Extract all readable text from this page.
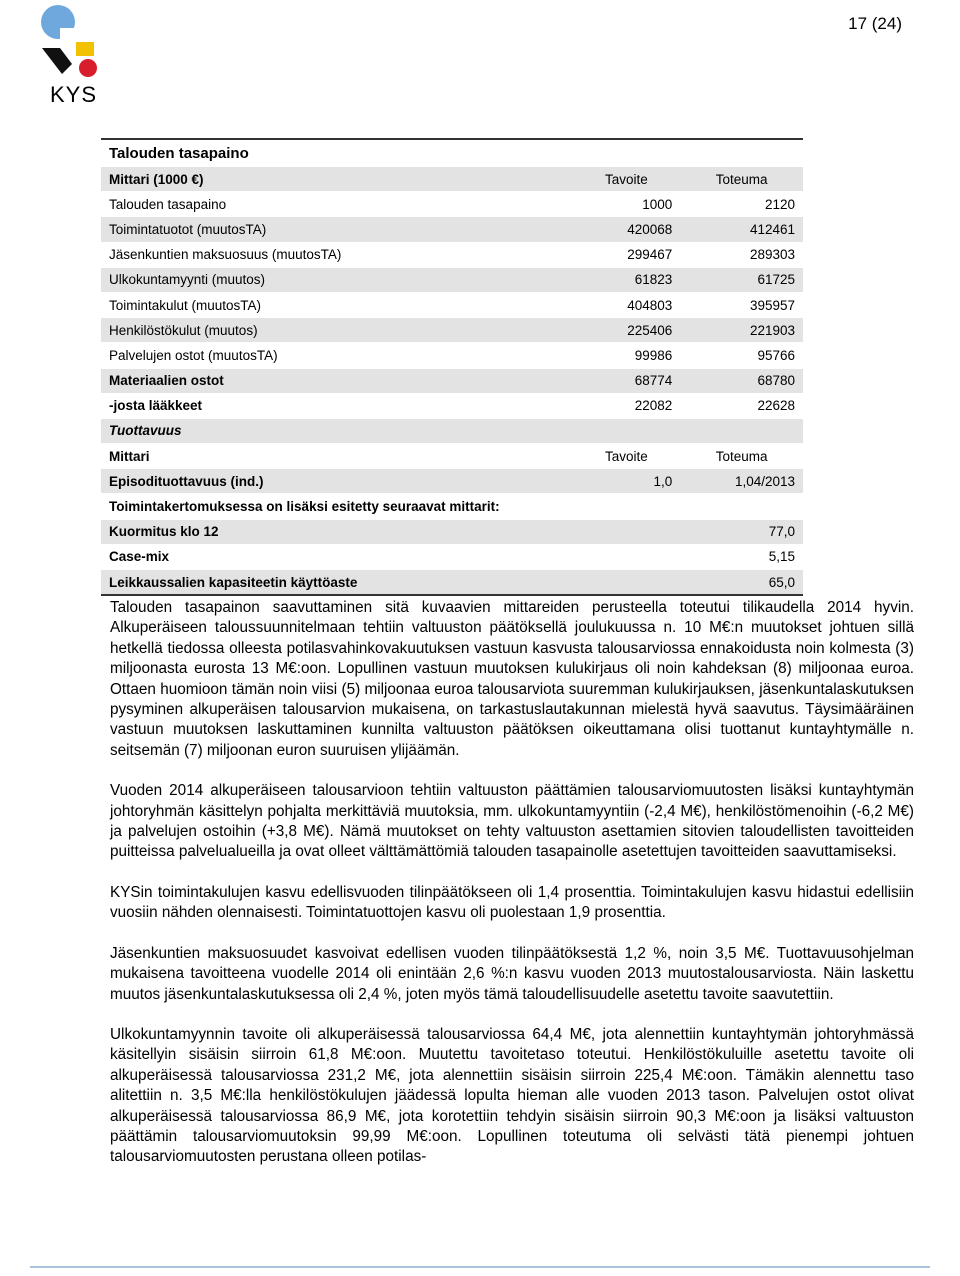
KYS
17 (24)
Talouden tasapaino		
Mittari (1000 €)	Tavoite	Toteuma
Talouden tasapaino	1000	2120
Toimintatuotot (muutosTA)	420068	412461
Jäsenkuntien maksuosuus (muutosTA)	299467	289303
Ulkokuntamyynti (muutos)	61823	61725
Toimintakulut (muutosTA)	404803	395957
Henkilöstökulut (muutos)	225406	221903
Palvelujen ostot (muutosTA)	99986	95766
Materiaalien ostot	68774	68780
-josta lääkkeet	22082	22628
Tuottavuus		
Mittari	Tavoite	Toteuma
Episodituottavuus (ind.)	1,0	1,04/2013
Toimintakertomuksessa on lisäksi esitetty seuraavat mittarit:		
Kuormitus klo 12		77,0
Case-mix		5,15
Leikkaussalien kapasiteetin käyttöaste		65,0

Talouden tasapainon saavuttaminen sitä kuvaavien mittareiden perusteella toteutui tilikaudella 2014 hyvin. Alkuperäiseen taloussuunnitelmaan tehtiin valtuuston päätöksellä joulukuussa n. 10 M€:n muutokset johtuen sillä hetkellä tiedossa olleesta potilasvahinkovakuutuksen vastuun kasvusta talousarviossa ennakoidusta noin kolmesta (3) miljoonasta eurosta 13 M€:oon. Lopullinen vastuun muutoksen kulukirjaus oli noin kahdeksan (8) miljoonaa euroa. Ottaen huomioon tämän noin viisi (5) miljoonaa euroa talousarviota suuremman kulukirjauksen, jäsenkuntalaskutuksen pysyminen alkuperäisen talousarvion mukaisena, on tarkastuslautakunnan mielestä hyvä saavutus. Täysimääräinen vastuun muutoksen laskuttaminen kunnilta valtuuston päätöksen oikeuttamana olisi tuottanut kuntayhtymälle n. seitsemän (7) miljoonan euron suuruisen ylijäämän.

Vuoden 2014 alkuperäiseen talousarvioon tehtiin valtuuston päättämien talousarviomuutosten lisäksi kuntayhtymän johtoryhmän käsittelyn pohjalta merkittäviä muutoksia, mm. ulkokuntamyyntiin (-2,4 M€), henkilöstömenoihin (-6,2 M€) ja palvelujen ostoihin (+3,8 M€). Nämä muutokset on tehty valtuuston asettamien sitovien taloudellisten tavoitteiden puitteissa palvelualueilla ja ovat olleet välttämättömiä talouden tasapainolle asetettujen tavoitteiden saavuttamiseksi.

KYSin toimintakulujen kasvu edellisvuoden tilinpäätökseen oli 1,4 prosenttia. Toimintakulujen kasvu hidastui edellisiin vuosiin nähden olennaisesti. Toimintatuottojen kasvu oli puolestaan 1,9 prosenttia.

Jäsenkuntien maksuosuudet kasvoivat edellisen vuoden tilinpäätöksestä 1,2 %, noin 3,5 M€. Tuottavuusohjelman mukaisena tavoitteena vuodelle 2014 oli enintään 2,6 %:n kasvu vuoden 2013 muutostalousarviosta. Näin laskettu muutos jäsenkuntalaskutuksessa oli 2,4 %, joten myös tämä taloudellisuudelle asetettu tavoite saavutettiin.

Ulkokuntamyynnin tavoite oli alkuperäisessä talousarviossa 64,4 M€, jota alennettiin kuntayhtymän johtoryhmässä käsitellyin sisäisin siirroin 61,8 M€:oon. Muutettu tavoitetaso toteutui. Henkilöstökuluille asetettu tavoite oli alkuperäisessä talousarviossa 231,2 M€, jota alennettiin sisäisin siirroin 225,4 M€:oon. Tämäkin alennettu taso alitettiin n. 3,5 M€:lla henkilöstökulujen jäädessä lopulta hieman alle vuoden 2013 tason. Palvelujen ostot olivat alkuperäisessä talousarviossa 86,9 M€, jota korotettiin tehdyin sisäisin siirroin 90,3 M€:oon ja lisäksi valtuuston päättämin talousarviomuutoksin 99,99 M€:oon. Lopullinen toteutuma oli selvästi tätä pienempi johtuen talousarviomuutosten perustana olleen potilas-
